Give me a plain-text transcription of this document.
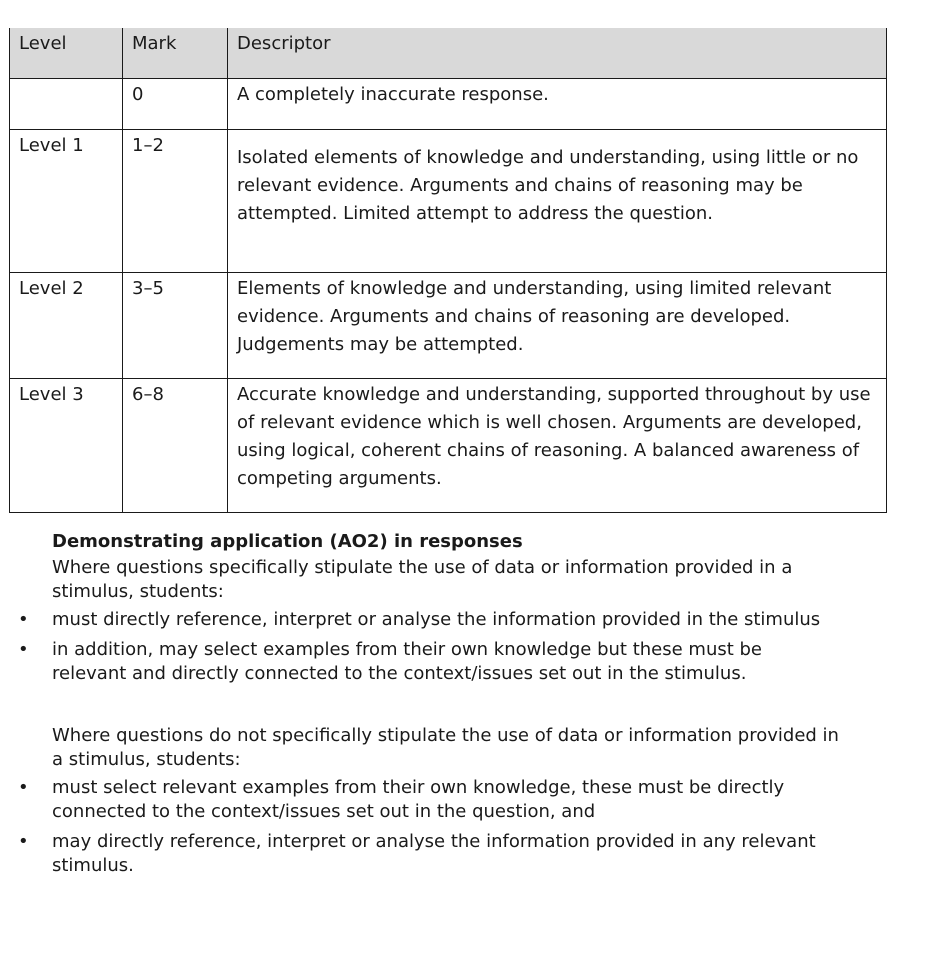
Level	Mark	Descriptor
	0	A completely inaccurate response.
Level 1	1–2	Isolated elements of knowledge and understanding, using little or no relevant evidence. Arguments and chains of reasoning may be attempted. Limited attempt to address the question.
Level 2	3–5	Elements of knowledge and understanding, using limited relevant evidence. Arguments and chains of reasoning are developed. Judgements may be attempted.
Level 3	6–8	Accurate knowledge and understanding, supported throughout by use of relevant evidence which is well chosen. Arguments are developed, using logical, coherent chains of reasoning. A balanced awareness of competing arguments.
Demonstrating application (AO2) in responses
Where questions specifically stipulate the use of data or information provided in a stimulus, students:
• must directly reference, interpret or analyse the information provided in the stimulus
• in addition, may select examples from their own knowledge but these must be relevant and directly connected to the context/issues set out in the stimulus.
Where questions do not specifically stipulate the use of data or information provided in a stimulus, students:
• must select relevant examples from their own knowledge, these must be directly connected to the context/issues set out in the question, and
• may directly reference, interpret or analyse the information provided in any relevant stimulus.
